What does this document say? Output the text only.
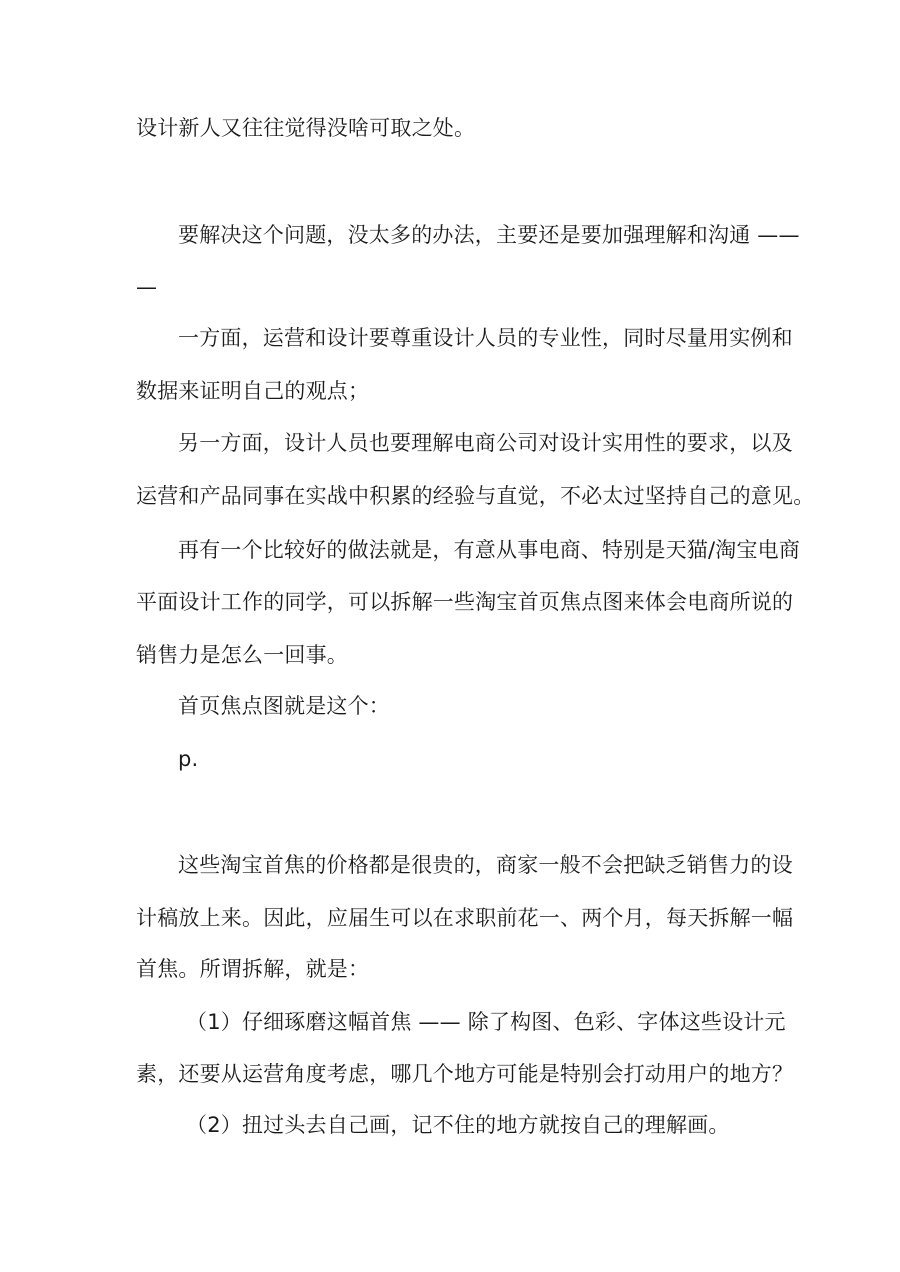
设计新人又往往觉得没啥可取之处。
要解决这个问题，没太多的办法，主要还是要加强理解和沟通 ——
—
一方面，运营和设计要尊重设计人员的专业性，同时尽量用实例和
数据来证明自己的观点；
另一方面，设计人员也要理解电商公司对设计实用性的要求，以及
运营和产品同事在实战中积累的经验与直觉，不必太过坚持自己的意见。
再有一个比较好的做法就是，有意从事电商、特别是天猫/淘宝电商
平面设计工作的同学，可以拆解一些淘宝首页焦点图来体会电商所说的
销售力是怎么一回事。
首页焦点图就是这个：
p.
这些淘宝首焦的价格都是很贵的，商家一般不会把缺乏销售力的设
计稿放上来。因此，应届生可以在求职前花一、两个月，每天拆解一幅
首焦。所谓拆解，就是：
（1）仔细琢磨这幅首焦 —— 除了构图、色彩、字体这些设计元
素，还要从运营角度考虑，哪几个地方可能是特别会打动用户的地方？
（2）扭过头去自己画，记不住的地方就按自己的理解画。
